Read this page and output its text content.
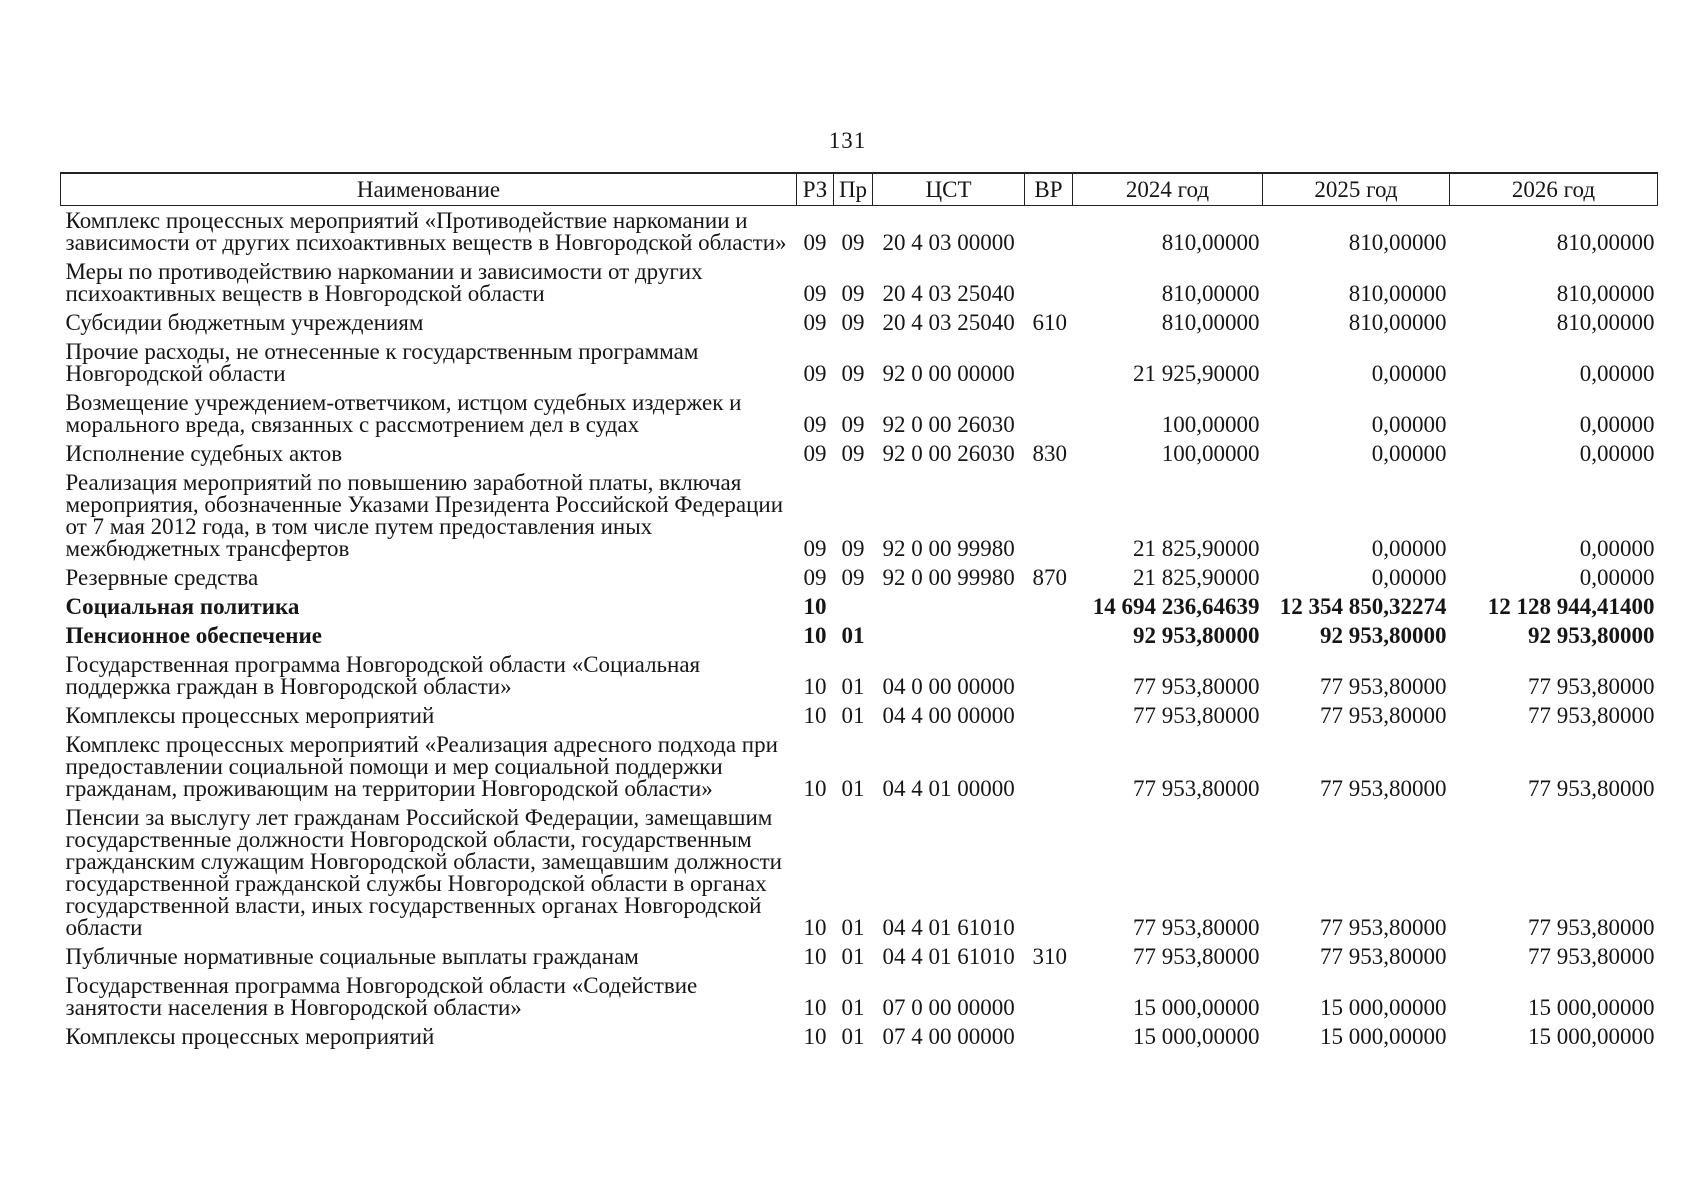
131
Наименование	РЗ	Пр	ЦСТ	ВР	2024 год	2025 год	2026 год
Комплекс процессных мероприятий «Противодействие наркомании и зависимости от других психоактивных веществ в Новгородской области»	09	09	20 4 03 00000		810,00000	810,00000	810,00000
Меры по противодействию наркомании и зависимости от других психоактивных веществ в Новгородской области	09	09	20 4 03 25040		810,00000	810,00000	810,00000
Субсидии бюджетным учреждениям	09	09	20 4 03 25040	610	810,00000	810,00000	810,00000
Прочие расходы, не отнесенные к государственным программам Новгородской области	09	09	92 0 00 00000		21 925,90000	0,00000	0,00000
Возмещение учреждением-ответчиком, истцом судебных издержек и морального вреда, связанных с рассмотрением дел в судах	09	09	92 0 00 26030		100,00000	0,00000	0,00000
Исполнение судебных актов	09	09	92 0 00 26030	830	100,00000	0,00000	0,00000
Реализация мероприятий по повышению заработной платы, включая мероприятия, обозначенные Указами Президента Российской Федерации от 7 мая 2012 года, в том числе путем предоставления иных межбюджетных трансфертов	09	09	92 0 00 99980		21 825,90000	0,00000	0,00000
Резервные средства	09	09	92 0 00 99980	870	21 825,90000	0,00000	0,00000
Социальная политика	10				14 694 236,64639	12 354 850,32274	12 128 944,41400
Пенсионное обеспечение	10	01			92 953,80000	92 953,80000	92 953,80000
Государственная программа Новгородской области «Социальная поддержка граждан в Новгородской области»	10	01	04 0 00 00000		77 953,80000	77 953,80000	77 953,80000
Комплексы процессных мероприятий	10	01	04 4 00 00000		77 953,80000	77 953,80000	77 953,80000
Комплекс процессных мероприятий «Реализация адресного подхода при предоставлении социальной помощи и мер социальной поддержки гражданам, проживающим на территории Новгородской области»	10	01	04 4 01 00000		77 953,80000	77 953,80000	77 953,80000
Пенсии за выслугу лет гражданам Российской Федерации, замещавшим государственные должности Новгородской области, государственным гражданским служащим Новгородской области, замещавшим должности государственной гражданской службы Новгородской области в органах государственной власти, иных государственных органах Новгородской области	10	01	04 4 01 61010		77 953,80000	77 953,80000	77 953,80000
Публичные нормативные социальные выплаты гражданам	10	01	04 4 01 61010	310	77 953,80000	77 953,80000	77 953,80000
Государственная программа Новгородской области «Содействие занятости населения в Новгородской области»	10	01	07 0 00 00000		15 000,00000	15 000,00000	15 000,00000
Комплексы процессных мероприятий	10	01	07 4 00 00000		15 000,00000	15 000,00000	15 000,00000
